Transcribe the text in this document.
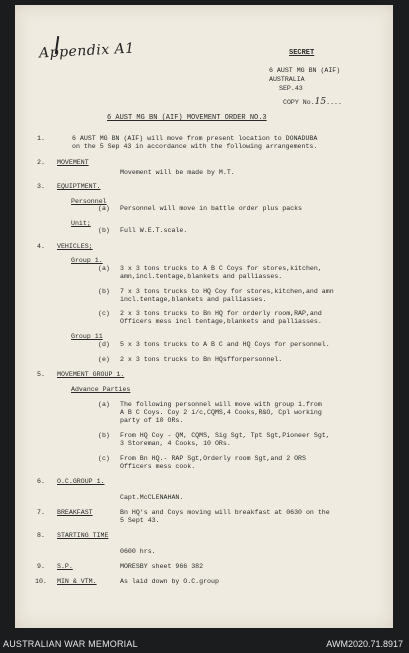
Appendix A1	SECRET
6 AUST MG BN (AIF)
AUSTRALIA
SEP.43
COPY No.15....
6 AUST MG BN (AIF) MOVEMENT ORDER NO.3
1.	6 AUST MG BN (AIF) will move from present location to DONADUBA
on the 5 Sep 43 in accordance with the following arrangements.
2. MOVEMENT
Movement will be made by M.T.
3. EQUIPTMENT.
Personnel
(a) Personnel will move in battle order plus packs
Unit;
(b) Full W.E.T.scale.
4. VEHICLES;
Group 1.
(a) 3 x 3 tons trucks to A B C Coys for stores,kitchen,
amn,incl.tentage,blankets and palliasses.
(b) 7 x 3 tons trucks to HQ Coy for stores,kitchen,and amn
incl.tentage,blankets and palliasses.
(c) 2 x 3 tons trucks to Bn HQ for orderly room,RAP,and
Officers mess incl tentage,blankets and palliasses.
Group 11
(d) 5 x 3 tons trucks to A B C and HQ Coys for personnel.
(e) 2 x 3 tons trucks to Bn HQsfforpersonnel.
5. MOVEMENT GROUP 1.
Advance Parties
(a) The following personnel will move with group 1.from
A B C Coys. Coy 2 i/c,CQMS,4 Cooks,R&O, Cpl working
party of 10 ORs.
(b) From HQ Coy - QM, CQMS, Sig Sgt, Tpt Sgt,Pioneer Sgt,
3 Storeman, 4 Cooks, 10 ORs.
(c) From Bn HQ.- RAP Sgt,Orderly room Sgt,and 2 ORS
Officers mess cook.
6. O.C.GROUP 1.
Capt.McCLENAHAN.
7. BREAKFAST	Bn HQ's and Coys moving will breakfast at 0630 on the
5 Sept 43.
8. STARTING TIME
0600 hrs.
9. S.P.	MORESBY sheet 966 382
10. MIN & VTM.	As laid down by O.C.group
AUSTRALIAN WAR MEMORIAL	AWM2020.71.8917
